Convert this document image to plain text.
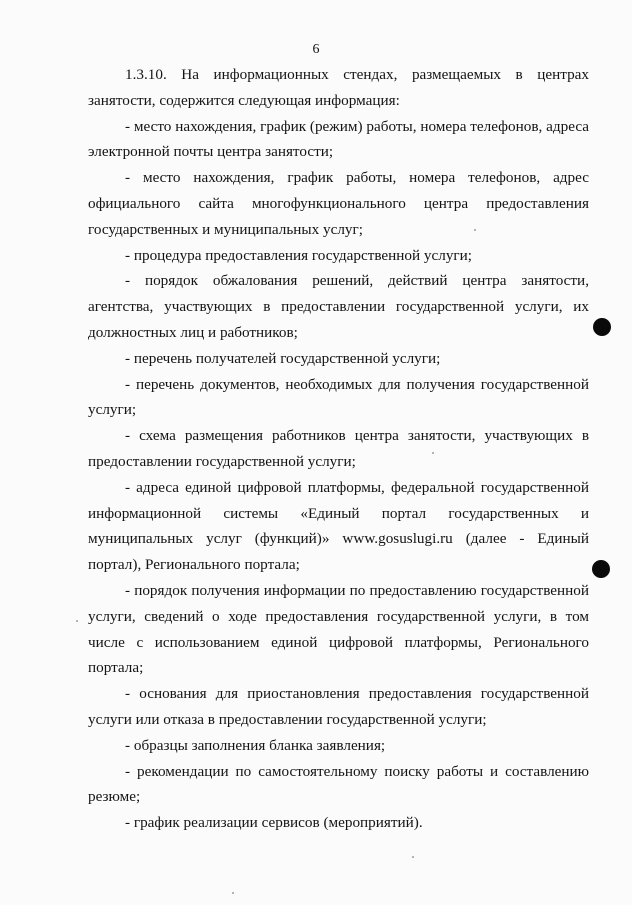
6

1.3.10. На информационных стендах, размещаемых в центрах занятости, содержится следующая информация:

- место нахождения, график (режим) работы, номера телефонов, адреса электронной почты центра занятости;

- место нахождения, график работы, номера телефонов, адрес официального сайта многофункционального центра предоставления государственных и муниципальных услуг;

- процедура предоставления государственной услуги;

- порядок обжалования решений, действий центра занятости, агентства, участвующих в предоставлении государственной услуги, их должностных лиц и работников;

- перечень получателей государственной услуги;

- перечень документов, необходимых для получения государственной услуги;

- схема размещения работников центра занятости, участвующих в предоставлении государственной услуги;

- адреса единой цифровой платформы, федеральной государственной информационной системы «Единый портал государственных и муниципальных услуг (функций)» www.gosuslugi.ru (далее - Единый портал), Регионального портала;

- порядок получения информации по предоставлению государственной услуги, сведений о ходе предоставления государственной услуги, в том числе с использованием единой цифровой платформы, Регионального портала;

- основания для приостановления предоставления государственной услуги или отказа в предоставлении государственной услуги;

- образцы заполнения бланка заявления;

- рекомендации по самостоятельному поиску работы и составлению резюме;

- график реализации сервисов (мероприятий).
